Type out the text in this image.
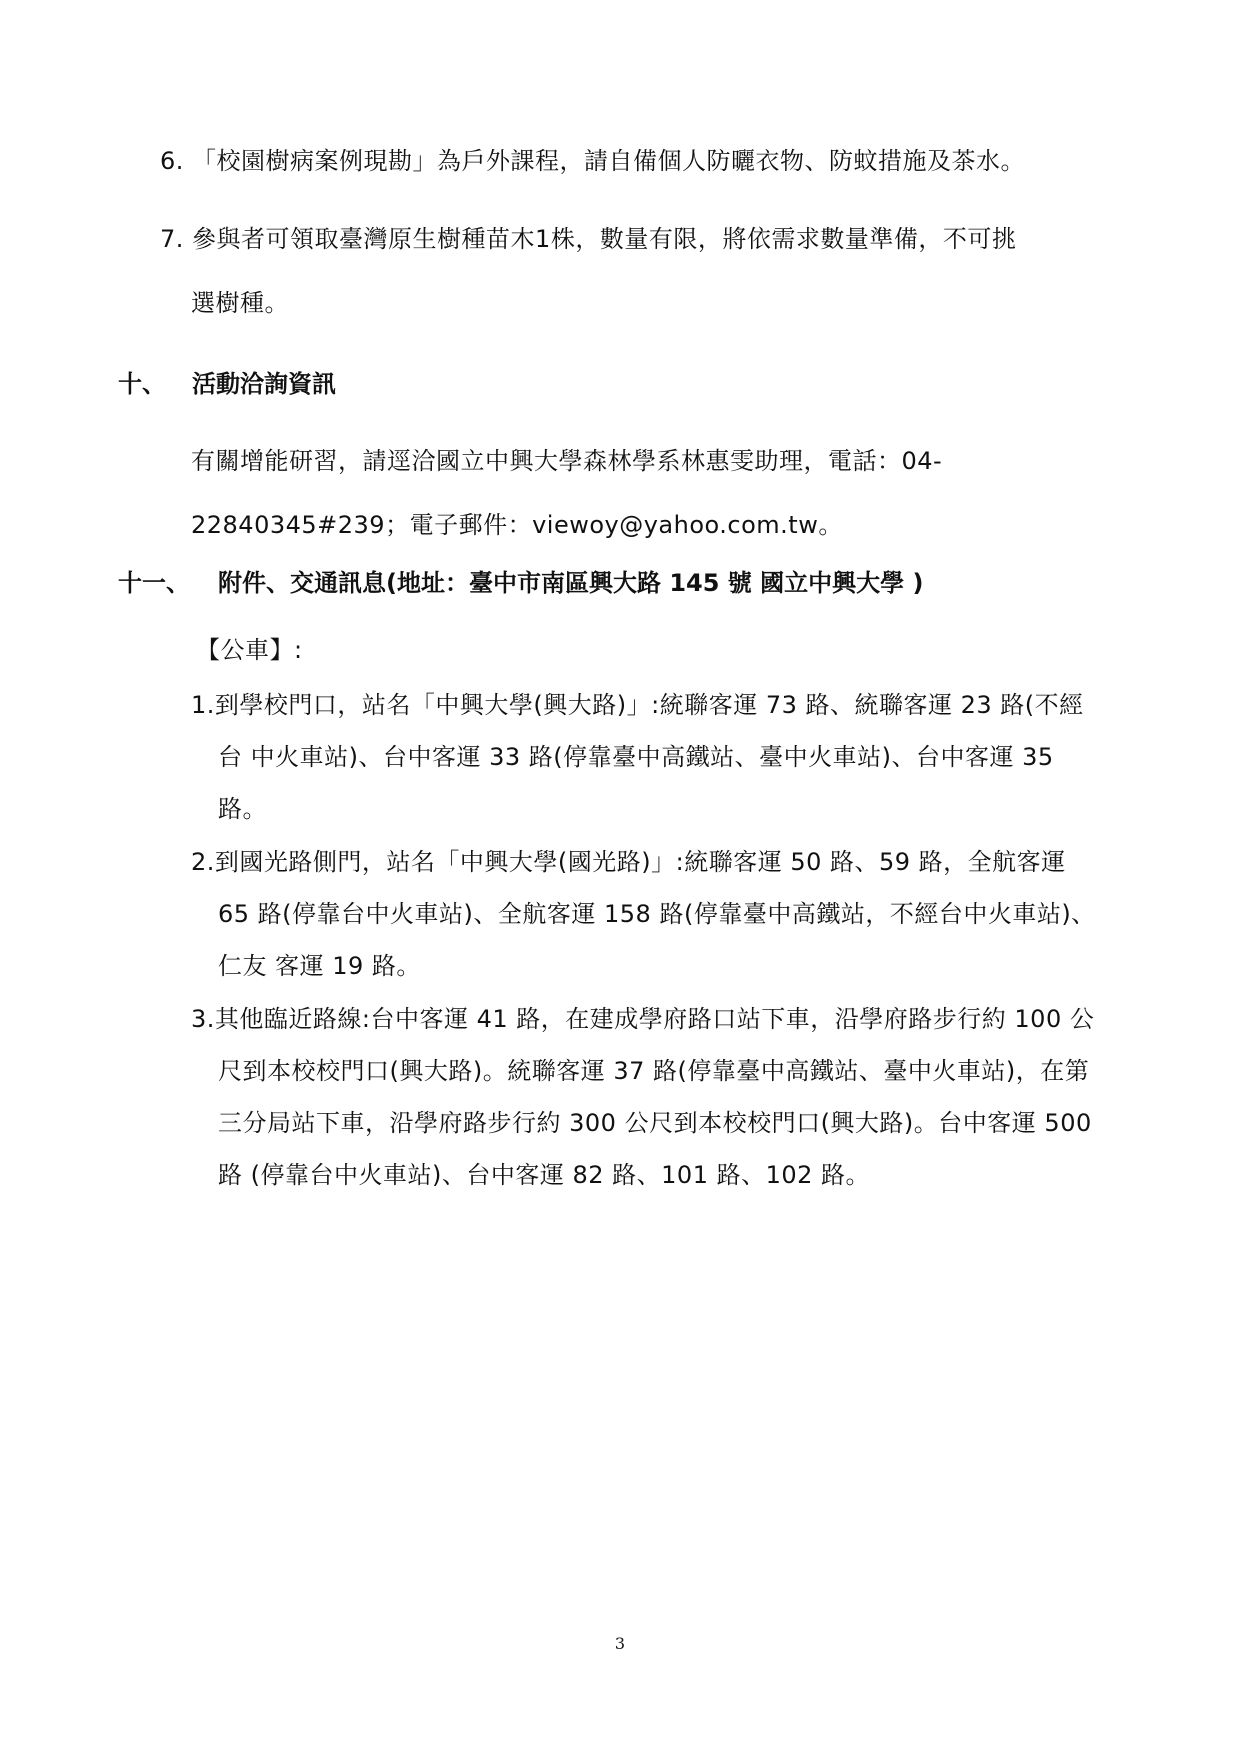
6. 「校園樹病案例現勘」為戶外課程，請自備個人防曬衣物、防蚊措施及茶水。
7. 參與者可領取臺灣原生樹種苗木1株，數量有限，將依需求數量準備，不可挑
選樹種。
十、 活動洽詢資訊
有關增能研習，請逕洽國立中興大學森林學系林惠雯助理，電話：04-
22840345#239；電子郵件：viewoy@yahoo.com.tw。
十一、 附件、交通訊息(地址：臺中市南區興大路 145 號 國立中興大學 )
【公車】:
1.到學校門口，站名「中興大學(興大路)」:統聯客運 73 路、統聯客運 23 路(不經
台 中火車站)、台中客運 33 路(停靠臺中高鐵站、臺中火車站)、台中客運 35
路。
2.到國光路側門，站名「中興大學(國光路)」:統聯客運 50 路、59 路，全航客運
65 路(停靠台中火車站)、全航客運 158 路(停靠臺中高鐵站，不經台中火車站)、
仁友 客運 19 路。
3.其他臨近路線:台中客運 41 路，在建成學府路口站下車，沿學府路步行約 100 公
尺到本校校門口(興大路)。統聯客運 37 路(停靠臺中高鐵站、臺中火車站)，在第
三分局站下車，沿學府路步行約 300 公尺到本校校門口(興大路)。台中客運 500
路 (停靠台中火車站)、台中客運 82 路、101 路、102 路。
3
